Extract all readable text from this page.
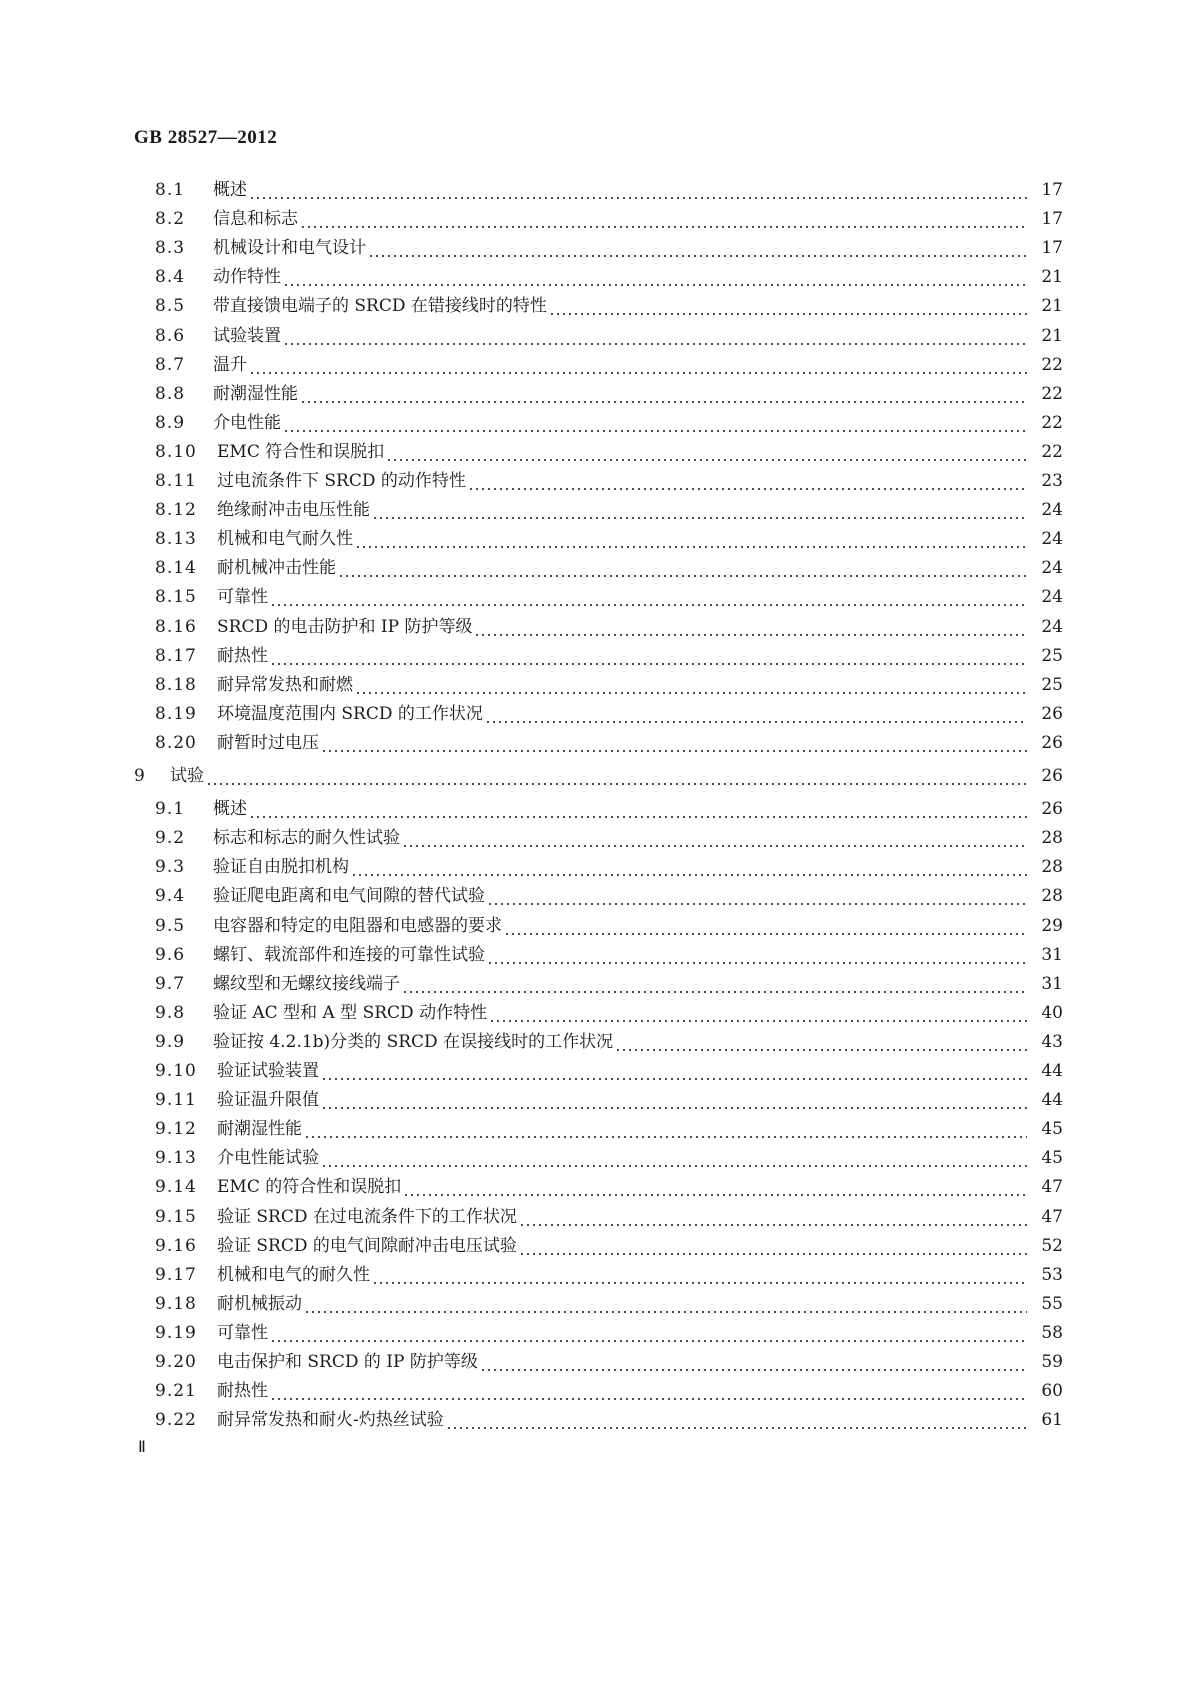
GB 28527—2012
8.1	概述	17
8.2	信息和标志	17
8.3	机械设计和电气设计	17
8.4	动作特性	21
8.5	带直接馈电端子的 SRCD 在错接线时的特性	21
8.6	试验装置	21
8.7	温升	22
8.8	耐潮湿性能	22
8.9	介电性能	22
8.10	EMC 符合性和误脱扣	22
8.11	过电流条件下 SRCD 的动作特性	23
8.12	绝缘耐冲击电压性能	24
8.13	机械和电气耐久性	24
8.14	耐机械冲击性能	24
8.15	可靠性	24
8.16	SRCD 的电击防护和 IP 防护等级	24
8.17	耐热性	25
8.18	耐异常发热和耐燃	25
8.19	环境温度范围内 SRCD 的工作状况	26
8.20	耐暂时过电压	26
9	试验	26
9.1	概述	26
9.2	标志和标志的耐久性试验	28
9.3	验证自由脱扣机构	28
9.4	验证爬电距离和电气间隙的替代试验	28
9.5	电容器和特定的电阻器和电感器的要求	29
9.6	螺钉、载流部件和连接的可靠性试验	31
9.7	螺纹型和无螺纹接线端子	31
9.8	验证 AC 型和 A 型 SRCD 动作特性	40
9.9	验证按 4.2.1b)分类的 SRCD 在误接线时的工作状况	43
9.10	验证试验装置	44
9.11	验证温升限值	44
9.12	耐潮湿性能	45
9.13	介电性能试验	45
9.14	EMC 的符合性和误脱扣	47
9.15	验证 SRCD 在过电流条件下的工作状况	47
9.16	验证 SRCD 的电气间隙耐冲击电压试验	52
9.17	机械和电气的耐久性	53
9.18	耐机械振动	55
9.19	可靠性	58
9.20	电击保护和 SRCD 的 IP 防护等级	59
9.21	耐热性	60
9.22	耐异常发热和耐火-灼热丝试验	61
Ⅱ
